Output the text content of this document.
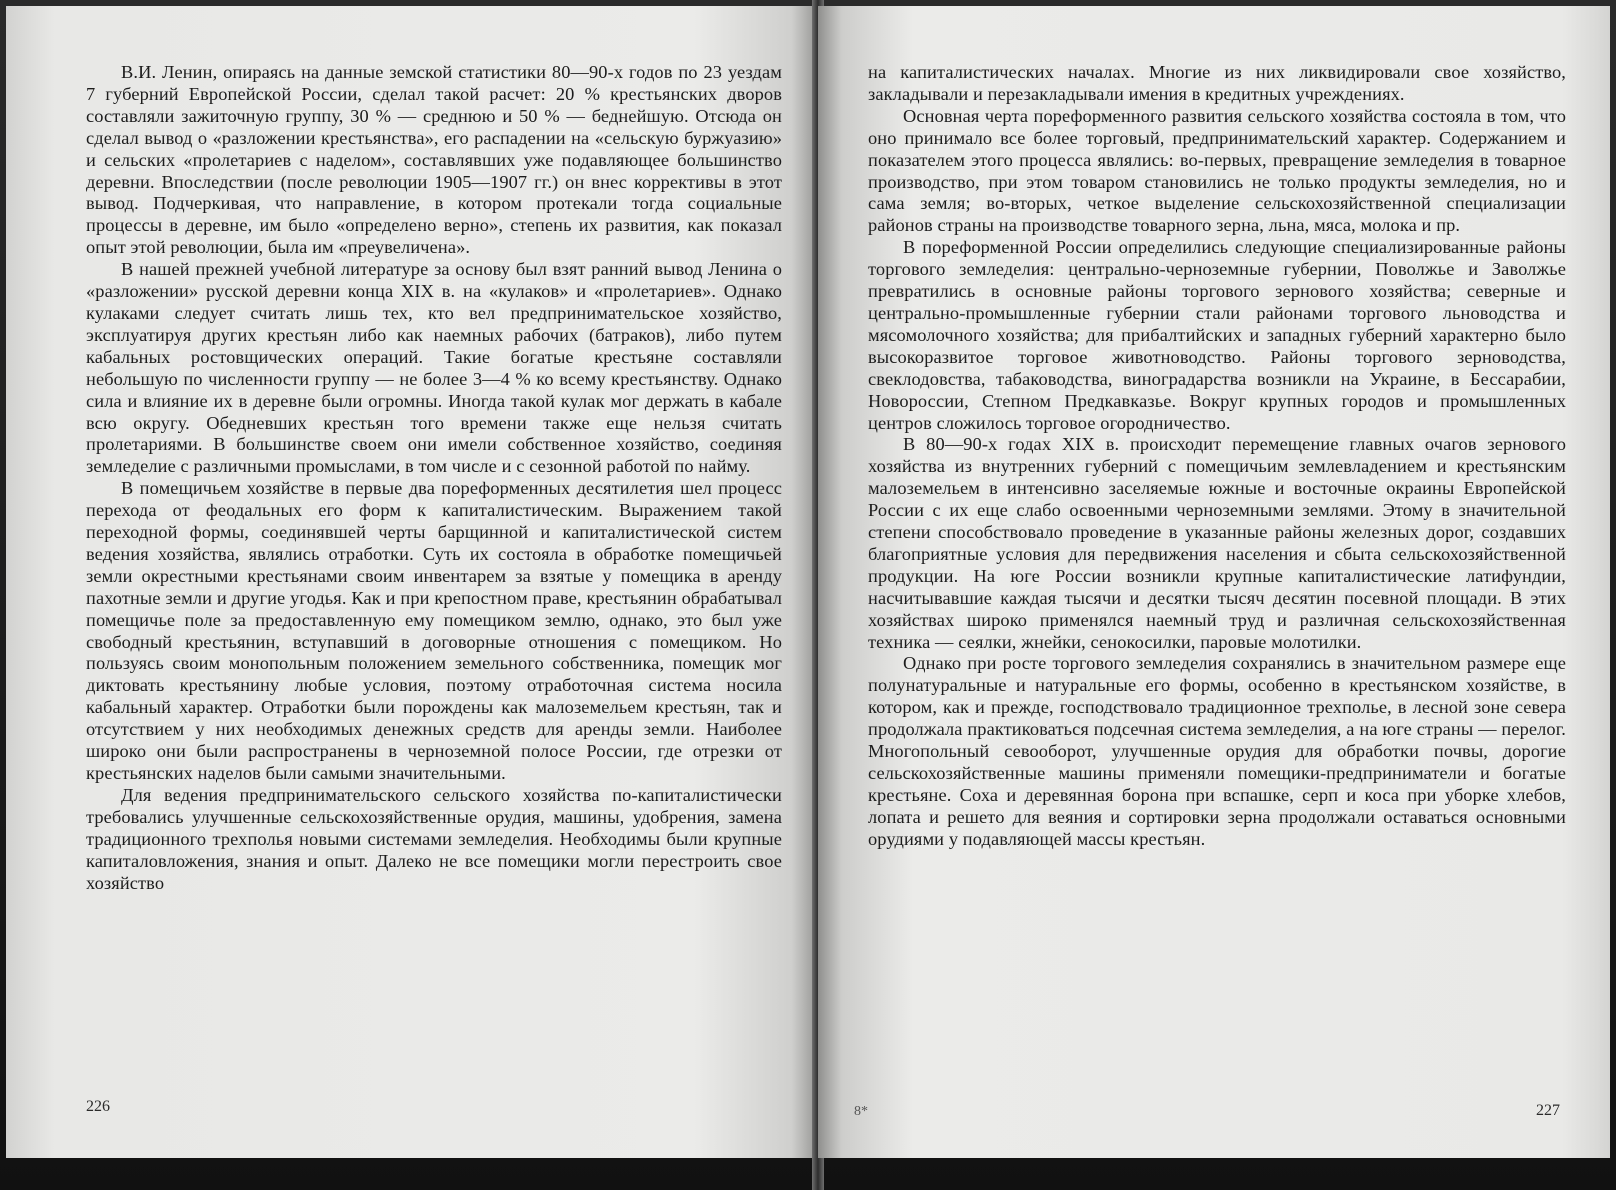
В.И. Ленин, опираясь на данные земской статистики 80—90-х годов по 23 уездам 7 губерний Европейской России, сделал такой расчет: 20 % крестьянских дворов составляли зажиточную группу, 30 % — среднюю и 50 % — беднейшую. Отсюда он сделал вывод о «разложении крестьянства», его распадении на «сельскую буржуазию» и сельских «пролетариев с наделом», составлявших уже подавляющее большинство деревни. Впоследствии (после революции 1905—1907 гг.) он внес коррективы в этот вывод. Подчеркивая, что направление, в котором протекали тогда социальные процессы в деревне, им было «определено верно», степень их развития, как показал опыт этой революции, была им «преувеличена».

В нашей прежней учебной литературе за основу был взят ранний вывод Ленина о «разложении» русской деревни конца XIX в. на «кулаков» и «пролетариев». Однако кулаками следует считать лишь тех, кто вел предпринимательское хозяйство, эксплуатируя других крестьян либо как наемных рабочих (батраков), либо путем кабальных ростовщических операций. Такие богатые крестьяне составляли небольшую по численности группу — не более 3—4 % ко всему крестьянству. Однако сила и влияние их в деревне были огромны. Иногда такой кулак мог держать в кабале всю округу. Обедневших крестьян того времени также еще нельзя считать пролетариями. В большинстве своем они имели собственное хозяйство, соединяя земледелие с различными промыслами, в том числе и с сезонной работой по найму.

В помещичьем хозяйстве в первые два пореформенных десятилетия шел процесс перехода от феодальных его форм к капиталистическим. Выражением такой переходной формы, соединявшей черты барщинной и капиталистической систем ведения хозяйства, являлись отработки. Суть их состояла в обработке помещичьей земли окрестными крестьянами своим инвентарем за взятые у помещика в аренду пахотные земли и другие угодья. Как и при крепостном праве, крестьянин обрабатывал помещичье поле за предоставленную ему помещиком землю, однако, это был уже свободный крестьянин, вступавший в договорные отношения с помещиком. Но пользуясь своим монопольным положением земельного собственника, помещик мог диктовать крестьянину любые условия, поэтому отработочная система носила кабальный характер. Отработки были порождены как малоземельем крестьян, так и отсутствием у них необходимых денежных средств для аренды земли. Наиболее широко они были распространены в черноземной полосе России, где отрезки от крестьянских наделов были самыми значительными.

Для ведения предпринимательского сельского хозяйства по-капиталистически требовались улучшенные сельскохозяйственные орудия, машины, удобрения, замена традиционного трехполья новыми системами земледелия. Необходимы были крупные капиталовложения, знания и опыт. Далеко не все помещики могли перестроить свое хозяйство

226

на капиталистических началах. Многие из них ликвидировали свое хозяйство, закладывали и перезакладывали имения в кредитных учреждениях.

Основная черта пореформенного развития сельского хозяйства состояла в том, что оно принимало все более торговый, предпринимательский характер. Содержанием и показателем этого процесса являлись: во-первых, превращение земледелия в товарное производство, при этом товаром становились не только продукты земледелия, но и сама земля; во-вторых, четкое выделение сельскохозяйственной специализации районов страны на производстве товарного зерна, льна, мяса, молока и пр.

В пореформенной России определились следующие специализированные районы торгового земледелия: центрально-черноземные губернии, Поволжье и Заволжье превратились в основные районы торгового зернового хозяйства; северные и центрально-промышленные губернии стали районами торгового льноводства и мясомолочного хозяйства; для прибалтийских и западных губерний характерно было высокоразвитое торговое животноводство. Районы торгового зерноводства, свеклодовства, табаководства, виноградарства возникли на Украине, в Бессарабии, Новороссии, Степном Предкавказье. Вокруг крупных городов и промышленных центров сложилось торговое огородничество.

В 80—90-х годах XIX в. происходит перемещение главных очагов зернового хозяйства из внутренних губерний с помещичьим землевладением и крестьянским малоземельем в интенсивно заселяемые южные и восточные окраины Европейской России с их еще слабо освоенными черноземными землями. Этому в значительной степени способствовало проведение в указанные районы железных дорог, создавших благоприятные условия для передвижения населения и сбыта сельскохозяйственной продукции. На юге России возникли крупные капиталистические латифундии, насчитывавшие каждая тысячи и десятки тысяч десятин посевной площади. В этих хозяйствах широко применялся наемный труд и различная сельскохозяйственная техника — сеялки, жнейки, сенокосилки, паровые молотилки.

Однако при росте торгового земледелия сохранялись в значительном размере еще полунатуральные и натуральные его формы, особенно в крестьянском хозяйстве, в котором, как и прежде, господствовало традиционное трехполье, в лесной зоне севера продолжала практиковаться подсечная система земледелия, а на юге страны — перелог. Многопольный севооборот, улучшенные орудия для обработки почвы, дорогие сельскохозяйственные машины применяли помещики-предприниматели и богатые крестьяне. Соха и деревянная борона при вспашке, серп и коса при уборке хлебов, лопата и решето для веяния и сортировки зерна продолжали оставаться основными орудиями у подавляющей массы крестьян.

8*	227
